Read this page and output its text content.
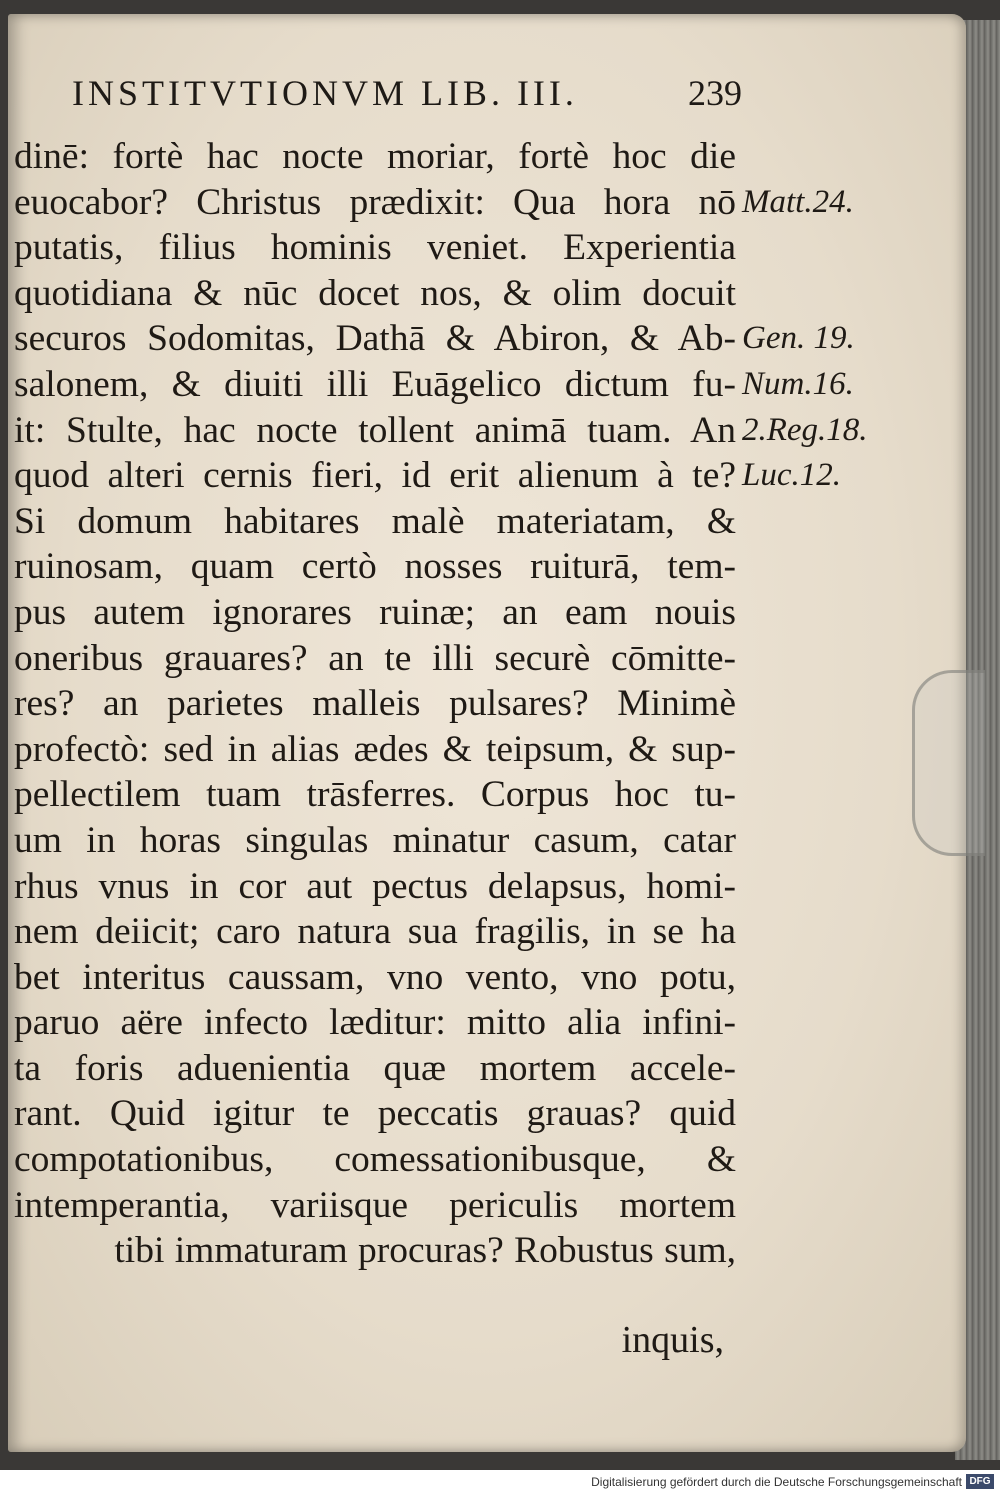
INSTITVTIONVM LIB. III.	239
dinē: fortè hac nocte moriar, fortè hoc die
euocabor? Christus prædixit: Qua hora nō
putatis, filius hominis veniet. Experientia
quotidiana & nūc docet nos, & olim docuit
securos Sodomitas, Dathā & Abiron, & Ab-
salonem, & diuiti illi Euāgelico dictum fu-
it: Stulte, hac nocte tollent animā tuam. An
quod alteri cernis fieri, id erit alienum à te?
Si domum habitares malè materiatam, &
ruinosam, quam certò nosses ruiturā, tem-
pus autem ignorares ruinæ; an eam nouis
oneribus grauares? an te illi securè cōmitte-
res? an parietes malleis pulsares? Minimè
profectò: sed in alias ædes & teipsum, & sup-
pellectilem tuam trāsferres. Corpus hoc tu-
um in horas singulas minatur casum, catar
rhus vnus in cor aut pectus delapsus, homi-
nem deiicit; caro natura sua fragilis, in se ha
bet interitus caussam, vno vento, vno potu,
paruo aëre infecto læditur: mitto alia infini-
ta foris aduenientia quæ mortem accele-
rant. Quid igitur te peccatis grauas? quid
compotationibus, comessationibusque, &
intemperantia, variisque periculis mortem
tibi immaturam procuras? Robustus sum,
Matt.24.
Gen. 19.
Num.16.
2.Reg.18.
Luc.12.
inquis,
Digitalisierung gefördert durch die Deutsche Forschungsgemeinschaft DFG
